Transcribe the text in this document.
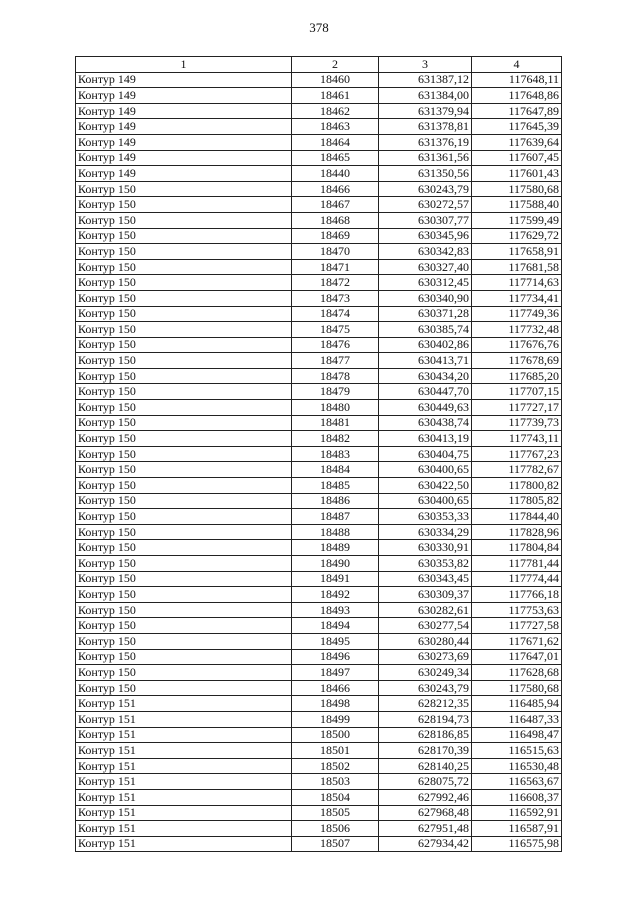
378
1	2	3	4
Контур 149	18460	631387,12	117648,11
Контур 149	18461	631384,00	117648,86
Контур 149	18462	631379,94	117647,89
Контур 149	18463	631378,81	117645,39
Контур 149	18464	631376,19	117639,64
Контур 149	18465	631361,56	117607,45
Контур 149	18440	631350,56	117601,43
Контур 150	18466	630243,79	117580,68
Контур 150	18467	630272,57	117588,40
Контур 150	18468	630307,77	117599,49
Контур 150	18469	630345,96	117629,72
Контур 150	18470	630342,83	117658,91
Контур 150	18471	630327,40	117681,58
Контур 150	18472	630312,45	117714,63
Контур 150	18473	630340,90	117734,41
Контур 150	18474	630371,28	117749,36
Контур 150	18475	630385,74	117732,48
Контур 150	18476	630402,86	117676,76
Контур 150	18477	630413,71	117678,69
Контур 150	18478	630434,20	117685,20
Контур 150	18479	630447,70	117707,15
Контур 150	18480	630449,63	117727,17
Контур 150	18481	630438,74	117739,73
Контур 150	18482	630413,19	117743,11
Контур 150	18483	630404,75	117767,23
Контур 150	18484	630400,65	117782,67
Контур 150	18485	630422,50	117800,82
Контур 150	18486	630400,65	117805,82
Контур 150	18487	630353,33	117844,40
Контур 150	18488	630334,29	117828,96
Контур 150	18489	630330,91	117804,84
Контур 150	18490	630353,82	117781,44
Контур 150	18491	630343,45	117774,44
Контур 150	18492	630309,37	117766,18
Контур 150	18493	630282,61	117753,63
Контур 150	18494	630277,54	117727,58
Контур 150	18495	630280,44	117671,62
Контур 150	18496	630273,69	117647,01
Контур 150	18497	630249,34	117628,68
Контур 150	18466	630243,79	117580,68
Контур 151	18498	628212,35	116485,94
Контур 151	18499	628194,73	116487,33
Контур 151	18500	628186,85	116498,47
Контур 151	18501	628170,39	116515,63
Контур 151	18502	628140,25	116530,48
Контур 151	18503	628075,72	116563,67
Контур 151	18504	627992,46	116608,37
Контур 151	18505	627968,48	116592,91
Контур 151	18506	627951,48	116587,91
Контур 151	18507	627934,42	116575,98
